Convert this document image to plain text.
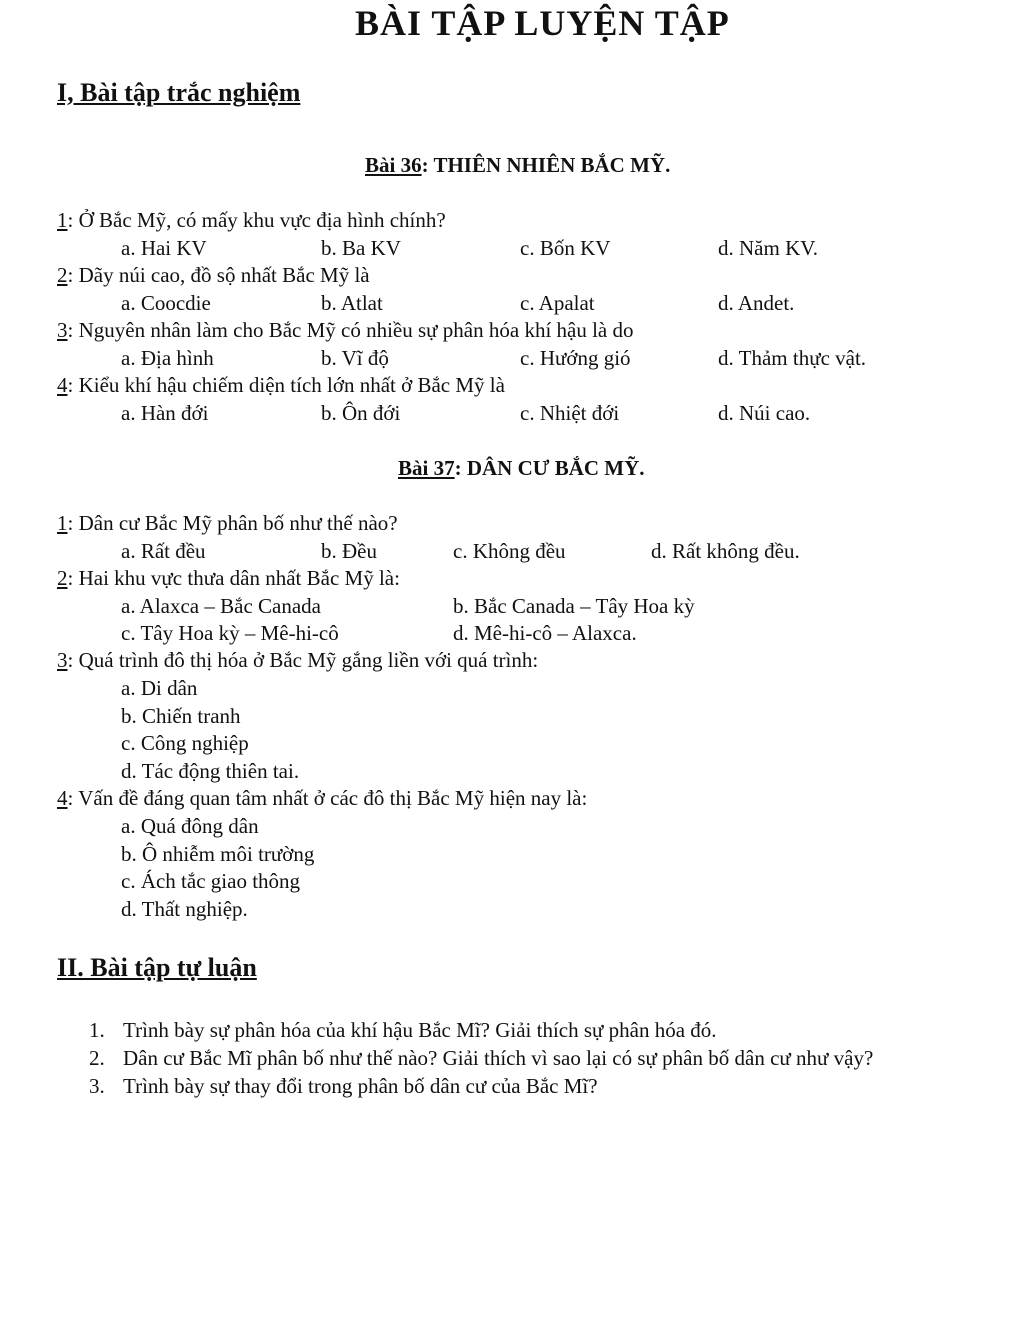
BÀI TẬP LUYỆN TẬP
I, Bài tập trắc nghiệm
Bài 36: THIÊN NHIÊN BẮC MỸ.
1: Ở Bắc Mỹ, có mấy khu vực địa hình chính?
a. Hai KV	b. Ba KV	c. Bốn KV	d. Năm KV.
2: Dãy núi cao, đồ sộ nhất Bắc Mỹ là
a. Coocdie	b. Atlat	c. Apalat	d. Andet.
3: Nguyên nhân làm cho Bắc Mỹ có nhiều sự phân hóa khí hậu là do
a. Địa hình	b. Vĩ độ	c. Hướng gió	d. Thảm thực vật.
4: Kiểu khí hậu chiếm diện tích lớn nhất ở Bắc Mỹ là
a. Hàn đới	b. Ôn đới	c. Nhiệt đới	d. Núi cao.
Bài 37: DÂN CƯ BẮC MỸ.
1: Dân cư Bắc Mỹ phân bố như thế nào?
a. Rất đều	b. Đều	c. Không đều	d. Rất không đều.
2: Hai khu vực thưa dân nhất Bắc Mỹ là:
a. Alaxca – Bắc Canada	b. Bắc Canada – Tây Hoa kỳ
c. Tây Hoa kỳ – Mê-hi-cô	d. Mê-hi-cô – Alaxca.
3: Quá trình đô thị hóa ở Bắc Mỹ gắng liền với quá trình:
a. Di dân
b. Chiến tranh
c. Công nghiệp
d. Tác động thiên tai.
4: Vấn đề đáng quan tâm nhất ở các đô thị Bắc Mỹ hiện nay là:
a. Quá đông dân
b. Ô nhiễm môi trường
c. Ách tắc giao thông
d. Thất nghiệp.
II. Bài tập tự luận
1. Trình bày sự phân hóa của khí hậu Bắc Mĩ? Giải thích sự phân hóa đó.
2. Dân cư Bắc Mĩ phân bố như thế nào? Giải thích vì sao lại có sự phân bố dân cư như vậy?
3. Trình bày sự thay đổi trong phân bố dân cư của Bắc Mĩ?
